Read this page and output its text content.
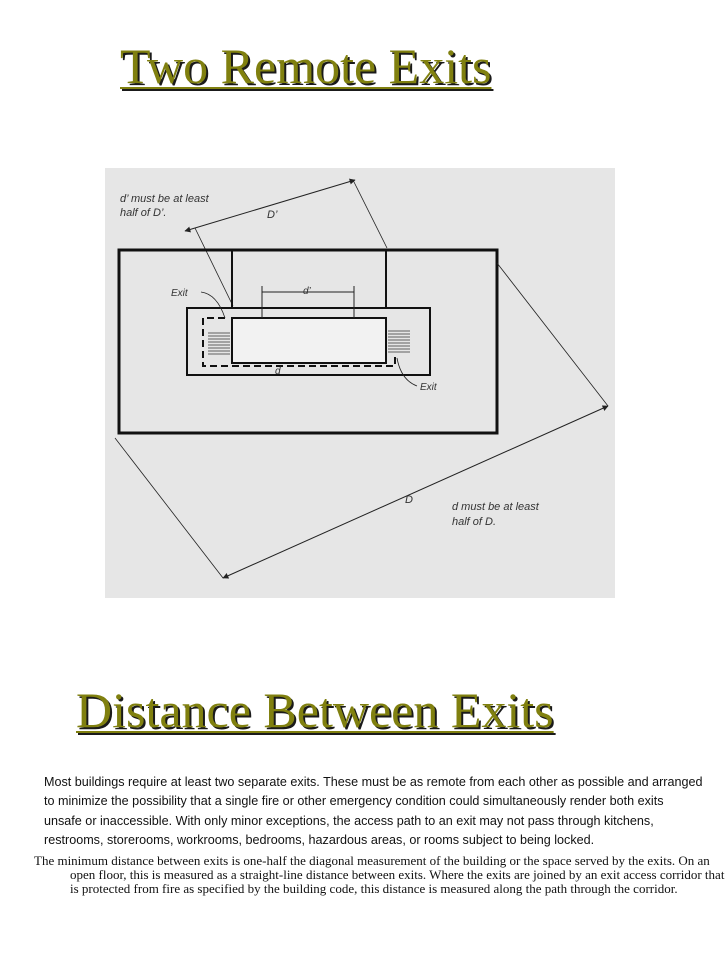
Two Remote Exits
d’ must be at least
half of D’.	D’
d’
d
Exit
Exit
D
d must be at least
half of D.
Distance Between Exits

Most buildings require at least two separate exits. These must be as remote from each other as possible and arranged to minimize the possibility that a single fire or other emergency condition could simultaneously render both exits unsafe or inaccessible. With only minor exceptions, the access path to an exit may not pass through kitchens, restrooms, storerooms, workrooms, bedrooms, hazardous areas, or rooms subject to being locked.

The minimum distance between exits is one-half the diagonal measurement of the building or the space served by the exits. On an open floor, this is measured as a straight-line distance between exits. Where the exits are joined by an exit access corridor that is protected from fire as specified by the building code, this distance is measured along the path through the corridor.
